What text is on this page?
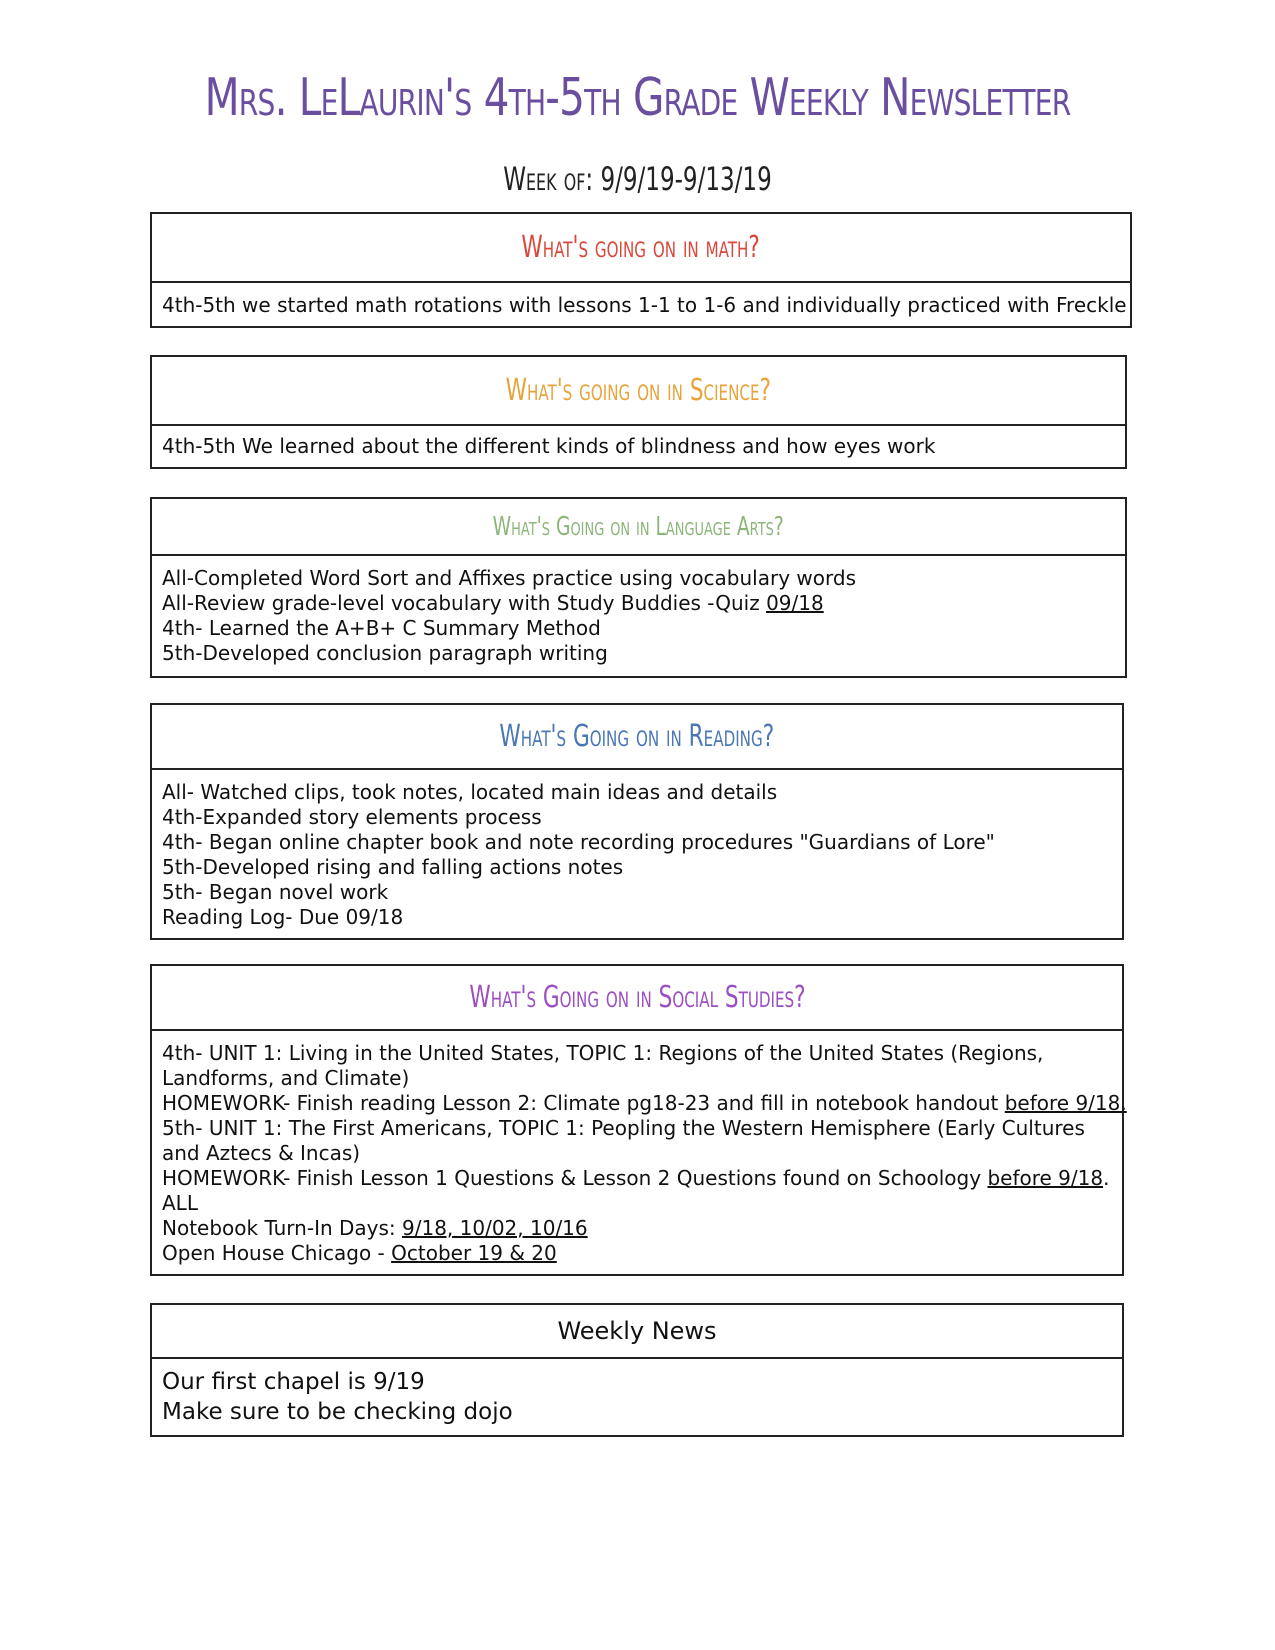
Mrs. LeLaurin's 4th-5th Grade Weekly Newsletter
Week of: 9/9/19-9/13/19
What's going on in math?
4th-5th we started math rotations with lessons 1-1 to 1-6 and individually practiced with Freckle
What's going on in Science?
4th-5th We learned about the different kinds of blindness and how eyes work
What's Going on in Language Arts?
All-Completed Word Sort and Affixes practice using vocabulary words
All-Review grade-level vocabulary with Study Buddies -Quiz 09/18
4th- Learned the A+B+ C Summary Method
5th-Developed conclusion paragraph writing
What's Going on in Reading?
All- Watched clips, took notes, located main ideas and details
4th-Expanded story elements process
4th- Began online chapter book and note recording procedures "Guardians of Lore"
5th-Developed rising and falling actions notes
5th- Began novel work
Reading Log- Due 09/18
What's Going on in Social Studies?
4th- UNIT 1: Living in the United States, TOPIC 1: Regions of the United States (Regions,
Landforms, and Climate)
HOMEWORK- Finish reading Lesson 2: Climate pg18-23 and fill in notebook handout before 9/18.
5th- UNIT 1: The First Americans, TOPIC 1: Peopling the Western Hemisphere (Early Cultures
and Aztecs & Incas)
HOMEWORK- Finish Lesson 1 Questions & Lesson 2 Questions found on Schoology before 9/18.
ALL
Notebook Turn-In Days: 9/18, 10/02, 10/16
Open House Chicago - October 19 & 20
Weekly News
Our first chapel is 9/19
Make sure to be checking dojo
